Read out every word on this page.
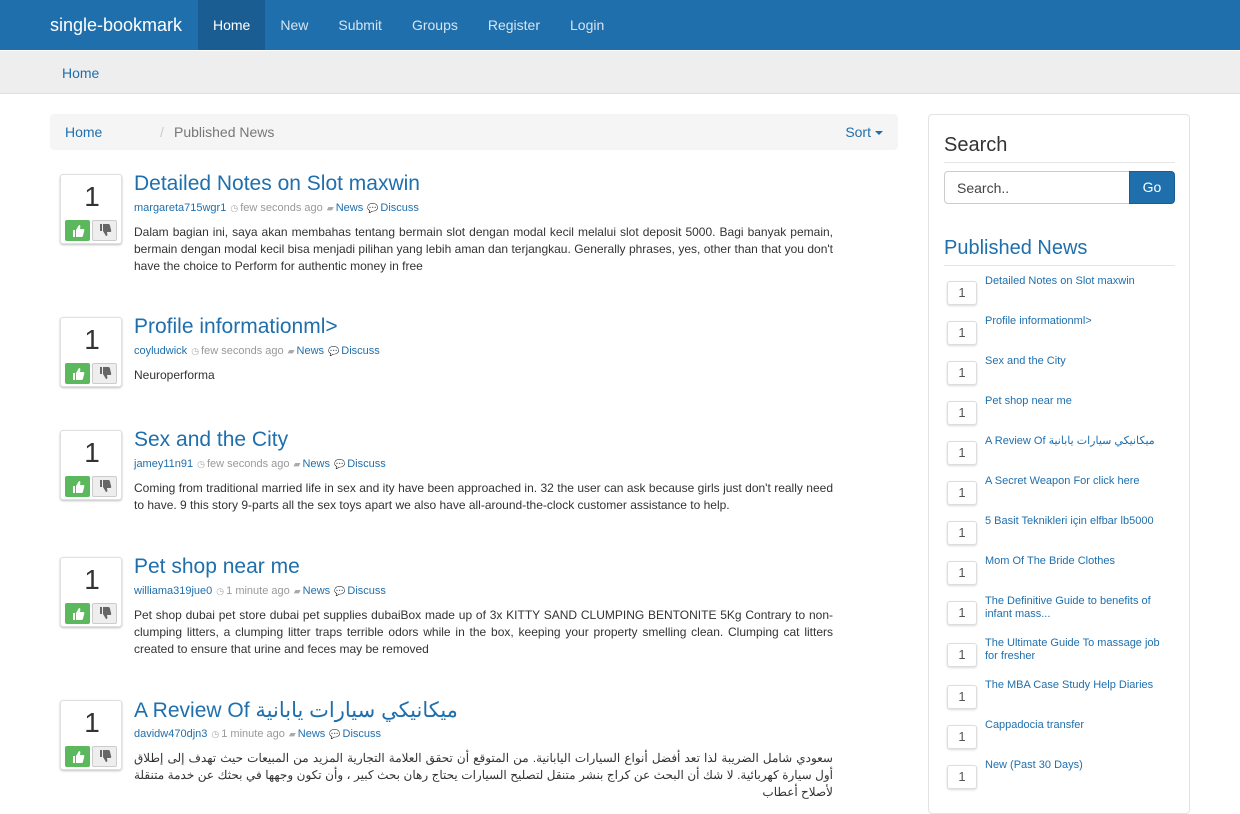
single-bookmark	Home	New	Submit	Groups	Register	Login
Home
Home	/ Published News	Sort
1	Detailed Notes on Slot maxwin
margareta715wgr1 ◷ few seconds ago ▰ News 💬 Discuss
Dalam bagian ini, saya akan membahas tentang bermain slot dengan modal kecil melalui slot deposit 5000. Bagi banyak pemain, bermain dengan modal kecil bisa menjadi pilihan yang lebih aman dan terjangkau. Generally phrases, yes, other than that you don't have the choice to Perform for authentic money in free
1	Profile informationml>
coyludwick ◷ few seconds ago ▰ News 💬 Discuss
Neuroperforma
1	Sex and the City
jamey11n91 ◷ few seconds ago ▰ News 💬 Discuss
Coming from traditional married life in sex and ity have been approached in. 32 the user can ask because girls just don't really need to have. 9 this story 9-parts all the sex toys apart we also have all-around-the-clock customer assistance to help.
1	Pet shop near me
williama319jue0 ◷ 1 minute ago ▰ News 💬 Discuss
Pet shop dubai pet store dubai pet supplies dubaiBox made up of 3x KITTY SAND CLUMPING BENTONITE 5Kg Contrary to non-clumping litters, a clumping litter traps terrible odors while in the box, keeping your property smelling clean. Clumping cat litters created to ensure that urine and feces may be removed
1	A Review Of ميكانيكي سيارات يابانية
davidw470djn3 ◷ 1 minute ago ▰ News 💬 Discuss
سعودي شامل الضريبة لذا تعد أفضل أنواع السيارات اليابانية. من المتوقع أن تحقق العلامة التجارية المزيد من المبيعات حيث تهدف إلى إطلاق أول سيارة كهربائية. لا شك أن البحث عن كراج بنشر متنقل لتصليح السيارات يحتاج رهان بحث كبير ، وأن تكون وجهها في بحثك عن خدمة متنقلة لأصلاح أعطاب
Search
Search..
Go
Published News
1
Detailed Notes on Slot maxwin
1
Profile informationml>
1
Sex and the City
1
Pet shop near me
1
A Review Of ميكانيكي سيارات يابانية
1
A Secret Weapon For click here
1
5 Basit Teknikleri için elfbar lb5000
1
Mom Of The Bride Clothes
1
The Definitive Guide to benefits of infant mass...
1
The Ultimate Guide To massage job for fresher
1
The MBA Case Study Help Diaries
1
Cappadocia transfer
1
New (Past 30 Days)
